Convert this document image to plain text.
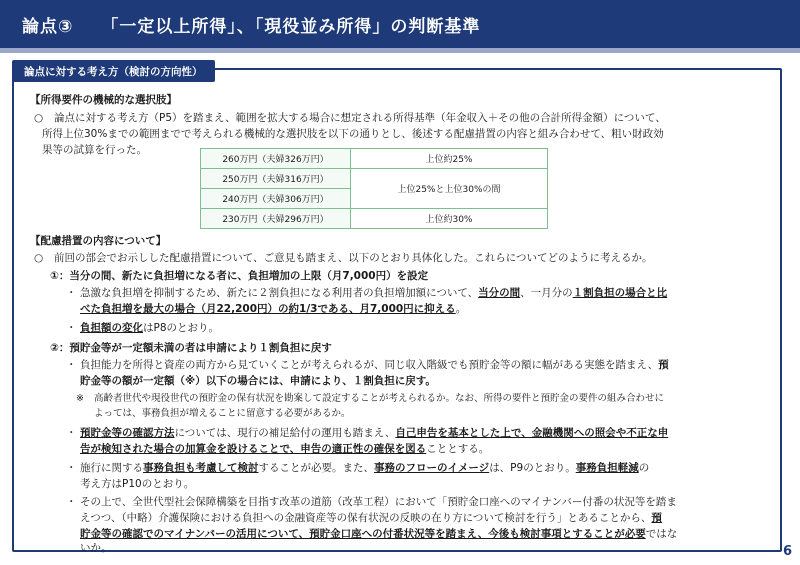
論点③ 「一定以上所得」、「現役並み所得」の判断基準
論点に対する考え方（検討の方向性）
【所得要件の機械的な選択肢】
○ 論点に対する考え方（P5）を踏まえ、範囲を拡大する場合に想定される所得基準（年金収入＋その他の合計所得金額）について、
所得上位30%までの範囲までで考えられる機械的な選択肢を以下の通りとし、後述する配慮措置の内容と組み合わせて、粗い財政効
果等の試算を行った。
260万円（夫婦326万円）	上位約25%
250万円（夫婦316万円）	上位25%と上位30%の間
240万円（夫婦306万円）	
230万円（夫婦296万円）	上位約30%
【配慮措置の内容について】
○ 前回の部会でお示しした配慮措置について、ご意見も踏まえ、以下のとおり具体化した。これらについてどのように考えるか。
①：当分の間、新たに負担増になる者に、負担増加の上限（月7,000円）を設定
・ 急激な負担増を抑制するため、新たに２割負担になる利用者の負担増加額について、当分の間、一月分の１割負担の場合と比
べた負担増を最大の場合（月22,200円）の約1/3である、月7,000円に抑える。
・ 負担額の変化はP8のとおり。
②：預貯金等が一定額未満の者は申請により１割負担に戻す
・ 負担能力を所得と資産の両方から見ていくことが考えられるが、同じ収入階級でも預貯金等の額に幅がある実態を踏まえ、預
貯金等の額が一定額（※）以下の場合には、申請により、１割負担に戻す。
※ 高齢者世代や現役世代の預貯金の保有状況を勘案して設定することが考えられるか。なお、所得の要件と預貯金の要件の組み合わせに
よっては、事務負担が増えることに留意する必要があるか。
・ 預貯金等の確認方法については、現行の補足給付の運用も踏まえ、自己申告を基本とした上で、金融機関への照会や不正な申
告が検知された場合の加算金を設けることで、申告の適正性の確保を図ることとする。
・ 施行に関する事務負担も考慮して検討することが必要。また、事務のフローのイメージは、P9のとおり。事務負担軽減の
考え方はP10のとおり。
・ その上で、全世代型社会保障構築を目指す改革の道筋（改革工程）において「預貯金口座へのマイナンバー付番の状況等を踏ま
えつつ、（中略）介護保険における負担への金融資産等の保有状況の反映の在り方について検討を行う」とあることから、預
貯金等の確認でのマイナンバーの活用について、預貯金口座への付番状況等を踏まえ、今後も検討事項とすることが必要ではな
いか。	6
